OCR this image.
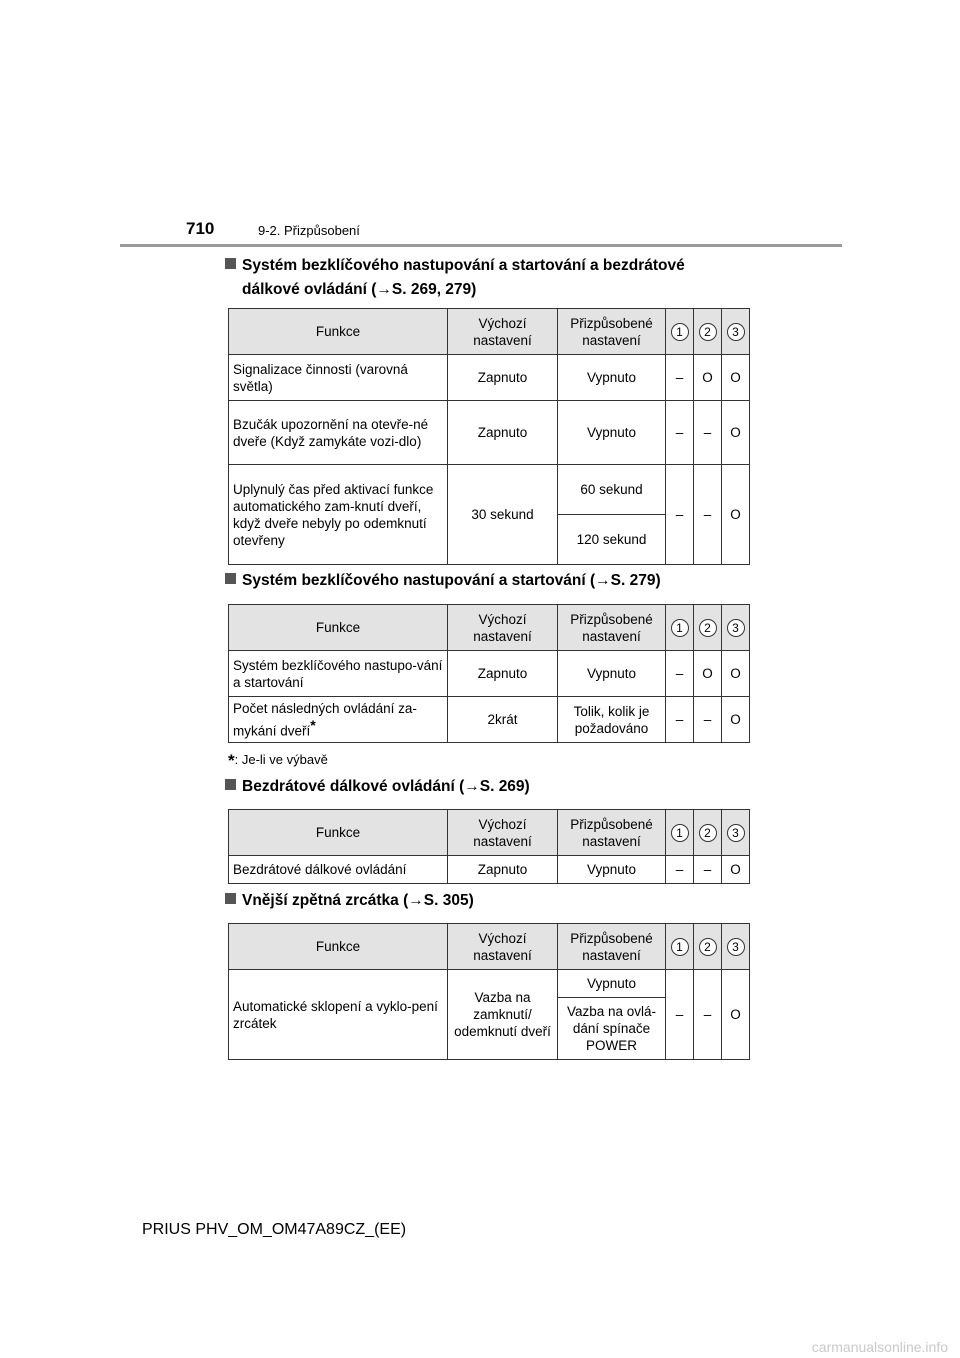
710	9-2. Přizpůsobení
Systém bezklíčového nastupování a startování a bezdrátové
dálkové ovládání (→S. 269, 279)
Funkce	Výchozí nastavení	Přizpůsobené nastavení	1	2	3
Signalizace činnosti (varovná světla)	Zapnuto	Vypnuto	–	O	O
Bzučák upozornění na otevře-né dveře (Když zamykáte vozi-dlo)	Zapnuto	Vypnuto	–	–	O
Uplynulý čas před aktivací funkce automatického zam-knutí dveří, když dveře nebyly po odemknutí otevřeny	30 sekund	60 sekund	–	–	O
		120 sekund			
Systém bezklíčového nastupování a startování (→S. 279)
Funkce	Výchozí nastavení	Přizpůsobené nastavení	1	2	3
Systém bezklíčového nastupo-vání a startování	Zapnuto	Vypnuto	–	O	O
Počet následných ovládání za-mykání dveří*	2krát	Tolik, kolik je požadováno	–	–	O
*: Je-li ve výbavě
Bezdrátové dálkové ovládání (→S. 269)
Funkce	Výchozí nastavení	Přizpůsobené nastavení	1	2	3
Bezdrátové dálkové ovládání	Zapnuto	Vypnuto	–	–	O
Vnější zpětná zrcátka (→S. 305)
Funkce	Výchozí nastavení	Přizpůsobené nastavení	1	2	3
Automatické sklopení a vyklo-pení zrcátek	Vazba na zamknutí/ odemknutí dveří	Vypnuto	–	–	O
		Vazba na ovlá-dání spínače POWER			
PRIUS PHV_OM_OM47A89CZ_(EE)
carmanualsonline.info
